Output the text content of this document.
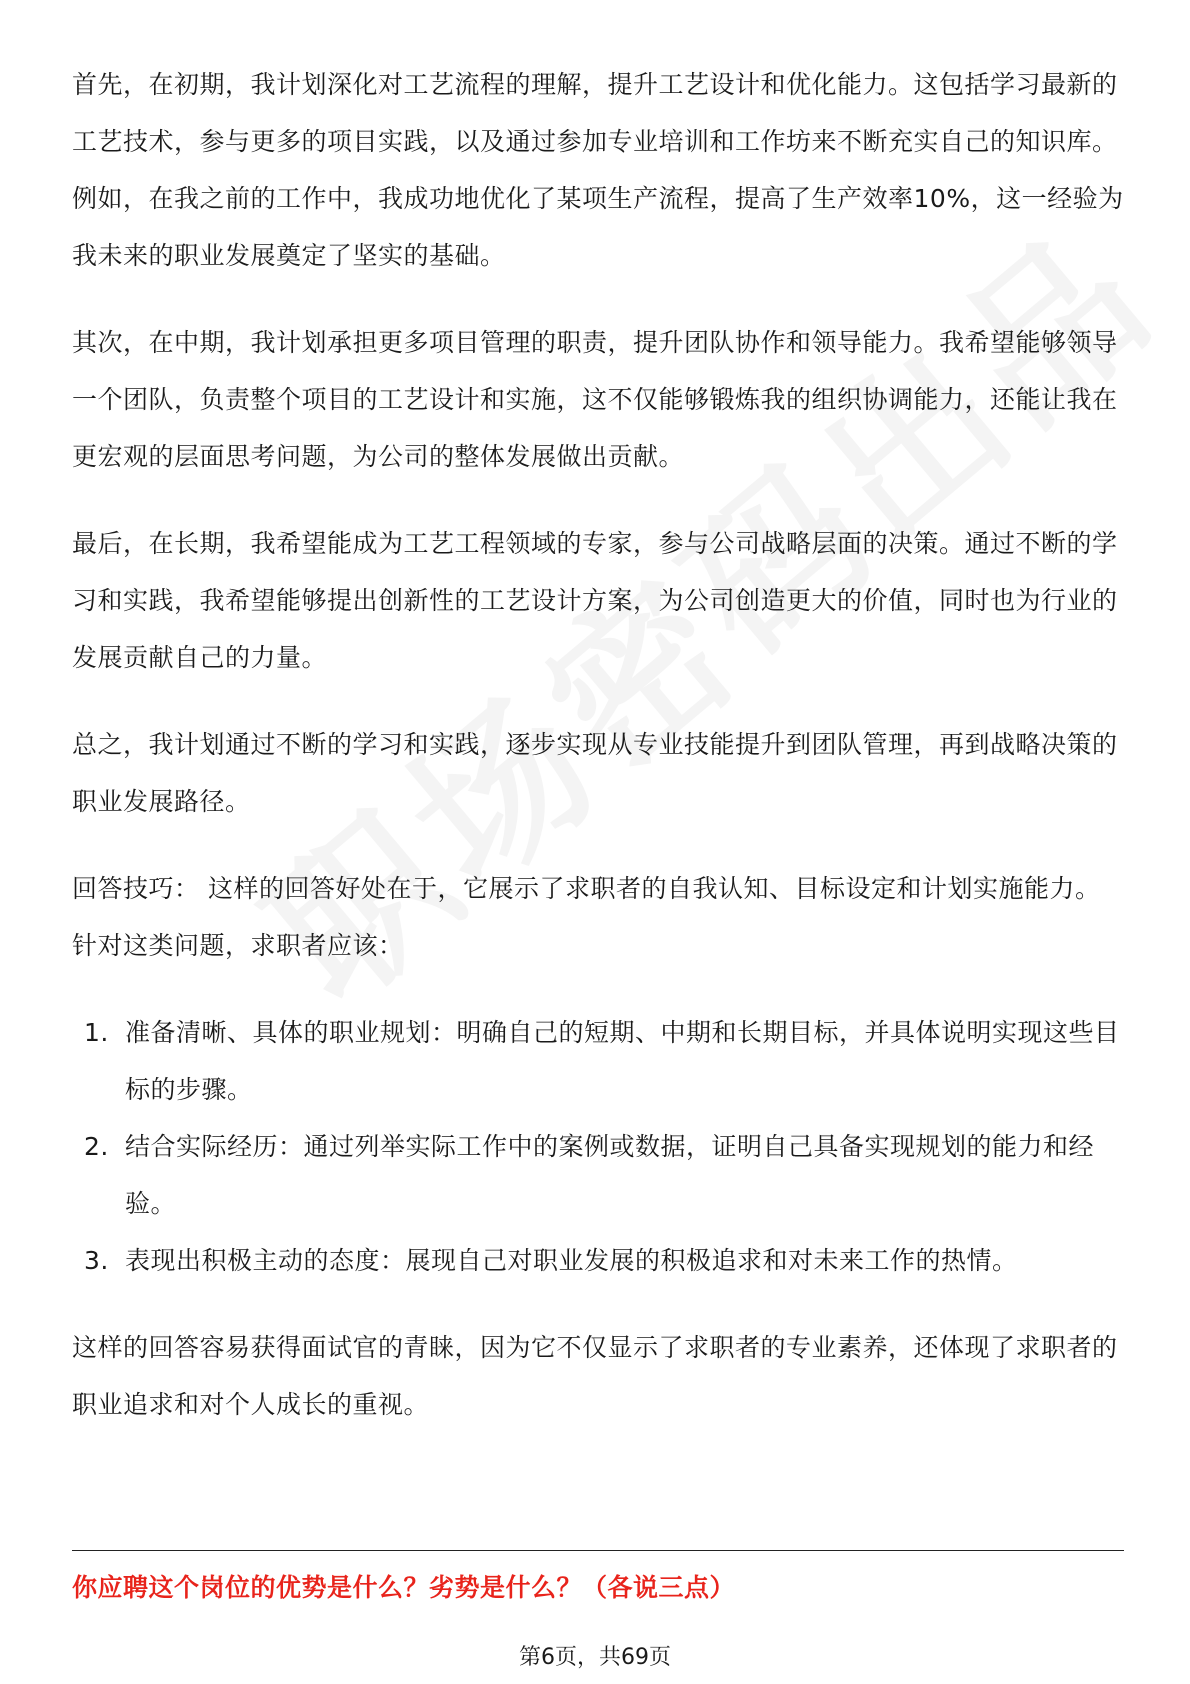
首先，在初期，我计划深化对工艺流程的理解，提升工艺设计和优化能力。这包括学习最新的工艺技术，参与更多的项目实践，以及通过参加专业培训和工作坊来不断充实自己的知识库。例如，在我之前的工作中，我成功地优化了某项生产流程，提高了生产效率10%，这一经验为我未来的职业发展奠定了坚实的基础。

其次，在中期，我计划承担更多项目管理的职责，提升团队协作和领导能力。我希望能够领导一个团队，负责整个项目的工艺设计和实施，这不仅能够锻炼我的组织协调能力，还能让我在更宏观的层面思考问题，为公司的整体发展做出贡献。

最后，在长期，我希望能成为工艺工程领域的专家，参与公司战略层面的决策。通过不断的学习和实践，我希望能够提出创新性的工艺设计方案，为公司创造更大的价值，同时也为行业的发展贡献自己的力量。

总之，我计划通过不断的学习和实践，逐步实现从专业技能提升到团队管理，再到战略决策的职业发展路径。

回答技巧： 这样的回答好处在于，它展示了求职者的自我认知、目标设定和计划实施能力。针对这类问题，求职者应该：

1. 准备清晰、具体的职业规划：明确自己的短期、中期和长期目标，并具体说明实现这些目标的步骤。
2. 结合实际经历：通过列举实际工作中的案例或数据，证明自己具备实现规划的能力和经验。
3. 表现出积极主动的态度：展现自己对职业发展的积极追求和对未来工作的热情。

这样的回答容易获得面试官的青睐，因为它不仅显示了求职者的专业素养，还体现了求职者的职业追求和对个人成长的重视。

你应聘这个岗位的优势是什么？劣势是什么？（各说三点）
第6页，共69页
